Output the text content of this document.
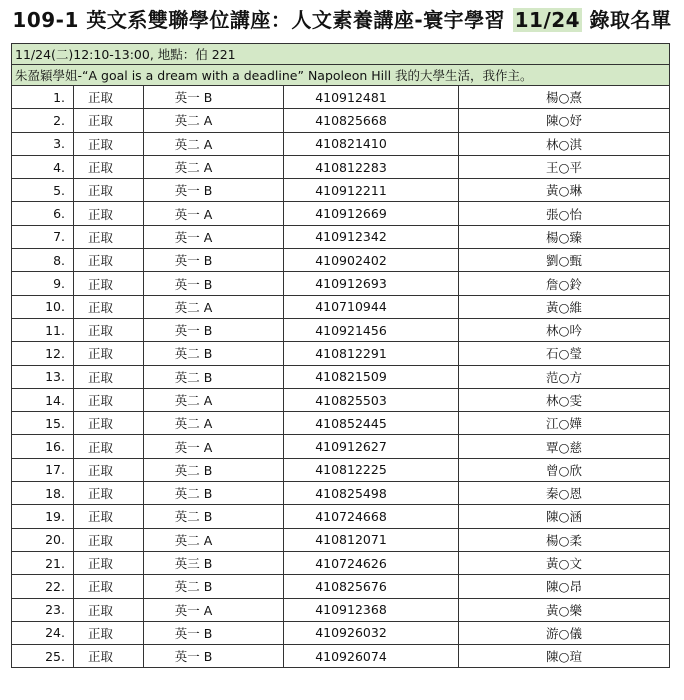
109-1 英文系雙聯學位講座：人文素養講座-寰宇學習 11/24 錄取名單
11/24(二)12:10-13:00, 地點：伯 221				
朱盈穎學姐-“A goal is a dream with a deadline” Napoleon Hill 我的大學生活，我作主。				
1.	正取	英一 B	410912481	楊○熹
2.	正取	英二 A	410825668	陳○妤
3.	正取	英二 A	410821410	林○淇
4.	正取	英二 A	410812283	王○平
5.	正取	英一 B	410912211	黃○琳
6.	正取	英一 A	410912669	張○怡
7.	正取	英一 A	410912342	楊○臻
8.	正取	英一 B	410902402	劉○甄
9.	正取	英一 B	410912693	詹○鈴
10.	正取	英二 A	410710944	黃○維
11.	正取	英一 B	410921456	林○吟
12.	正取	英二 B	410812291	石○瑩
13.	正取	英二 B	410821509	范○方
14.	正取	英二 A	410825503	林○雯
15.	正取	英二 A	410852445	江○嬅
16.	正取	英一 A	410912627	覃○慈
17.	正取	英二 B	410812225	曾○欣
18.	正取	英二 B	410825498	秦○恩
19.	正取	英二 B	410724668	陳○涵
20.	正取	英二 A	410812071	楊○柔
21.	正取	英三 B	410724626	黃○文
22.	正取	英二 B	410825676	陳○昂
23.	正取	英一 A	410912368	黃○樂
24.	正取	英一 B	410926032	游○儀
25.	正取	英一 B	410926074	陳○瑄
